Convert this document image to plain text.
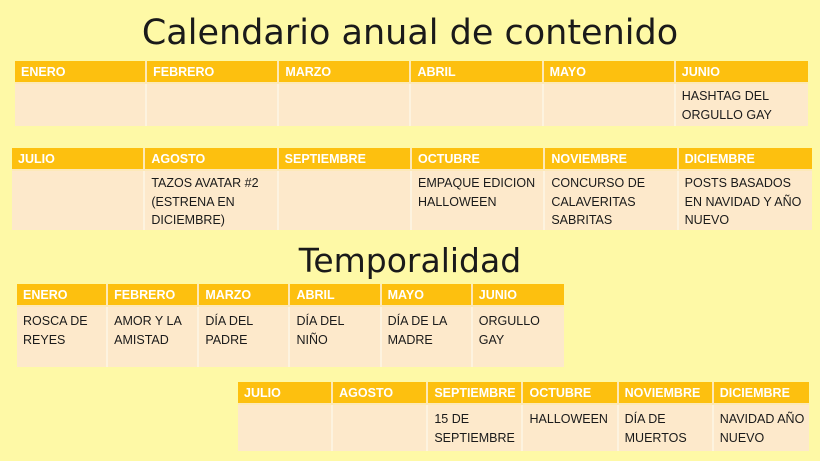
Calendario anual de contenido
ENERO	FEBRERO	MARZO	ABRIL	MAYO	JUNIO
					HASHTAG DEL ORGULLO GAY
JULIO	AGOSTO	SEPTIEMBRE	OCTUBRE	NOVIEMBRE	DICIEMBRE
	TAZOS AVATAR #2 (ESTRENA EN DICIEMBRE)		EMPAQUE EDICION HALLOWEEN	CONCURSO DE CALAVERITAS SABRITAS	POSTS BASADOS EN NAVIDAD Y AÑO NUEVO
Temporalidad
ENERO	FEBRERO	MARZO	ABRIL	MAYO	JUNIO
ROSCA DE REYES	AMOR Y LA AMISTAD	DÍA DEL PADRE	DÍA DEL NIÑO	DÍA DE LA MADRE	ORGULLO GAY
JULIO	AGOSTO	SEPTIEMBRE	OCTUBRE	NOVIEMBRE	DICIEMBRE
		15 DE SEPTIEMBRE	HALLOWEEN	DÍA DE MUERTOS	NAVIDAD AÑO NUEVO
